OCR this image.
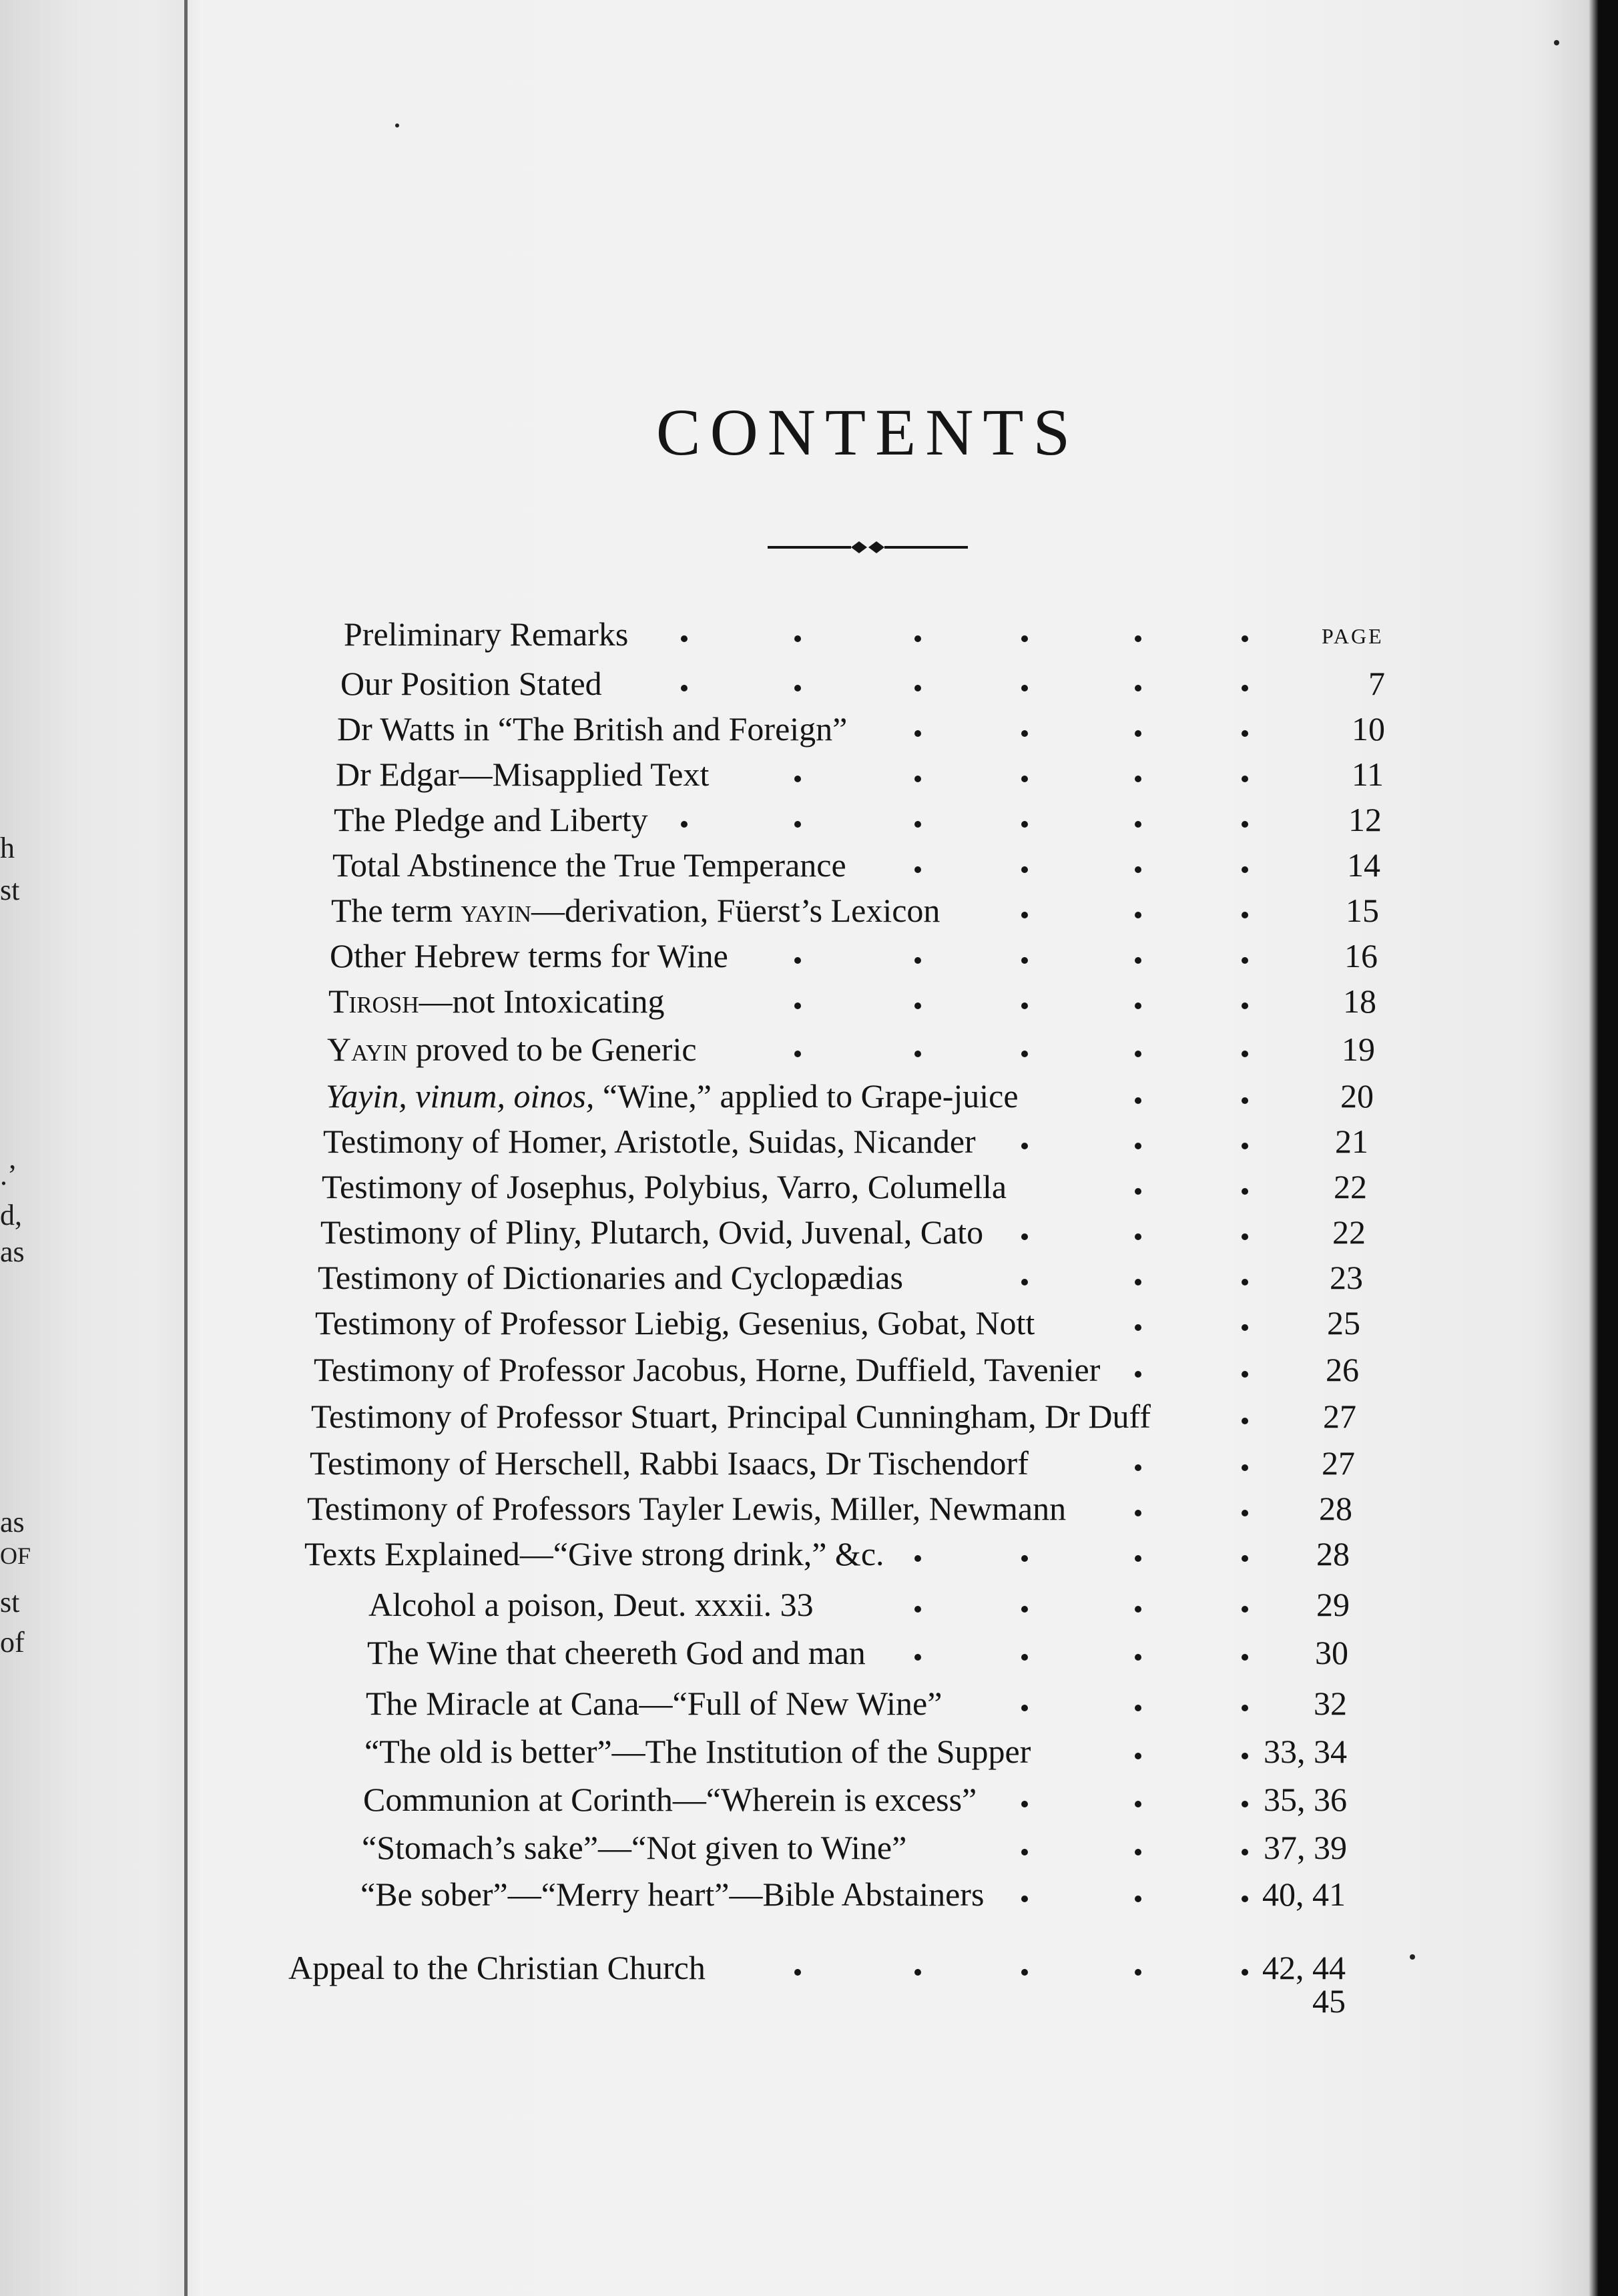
h
st
.’
d,
as
as
OF
st
of
CONTENTS
PAGE
Preliminary Remarks
Our Position Stated	7
Dr Watts in “The British and Foreign”	10
Dr Edgar—Misapplied Text	11
The Pledge and Liberty	12
Total Abstinence the True Temperance	14
The term yayin—derivation, Füerst’s Lexicon	15
Other Hebrew terms for Wine	16
Tirosh—not Intoxicating	18
Yayin proved to be Generic	19
Yayin, vinum, oinos, “Wine,” applied to Grape-juice	20
Testimony of Homer, Aristotle, Suidas, Nicander	21
Testimony of Josephus, Polybius, Varro, Columella	22
Testimony of Pliny, Plutarch, Ovid, Juvenal, Cato	22
Testimony of Dictionaries and Cyclopædias	23
Testimony of Professor Liebig, Gesenius, Gobat, Nott	25
Testimony of Professor Jacobus, Horne, Duffield, Tavenier	26
Testimony of Professor Stuart, Principal Cunningham, Dr Duff	27
Testimony of Herschell, Rabbi Isaacs, Dr Tischendorf	27
Testimony of Professors Tayler Lewis, Miller, Newmann	28
Texts Explained—“Give strong drink,” &c.	28
Alcohol a poison, Deut. xxxii. 33	29
The Wine that cheereth God and man	30
The Miracle at Cana—“Full of New Wine”	32
“The old is better”—The Institution of the Supper	33, 34
Communion at Corinth—“Wherein is excess”	35, 36
“Stomach’s sake”—“Not given to Wine”	37, 39
“Be sober”—“Merry heart”—Bible Abstainers	40, 41
Appeal to the Christian Church	42, 44
45
